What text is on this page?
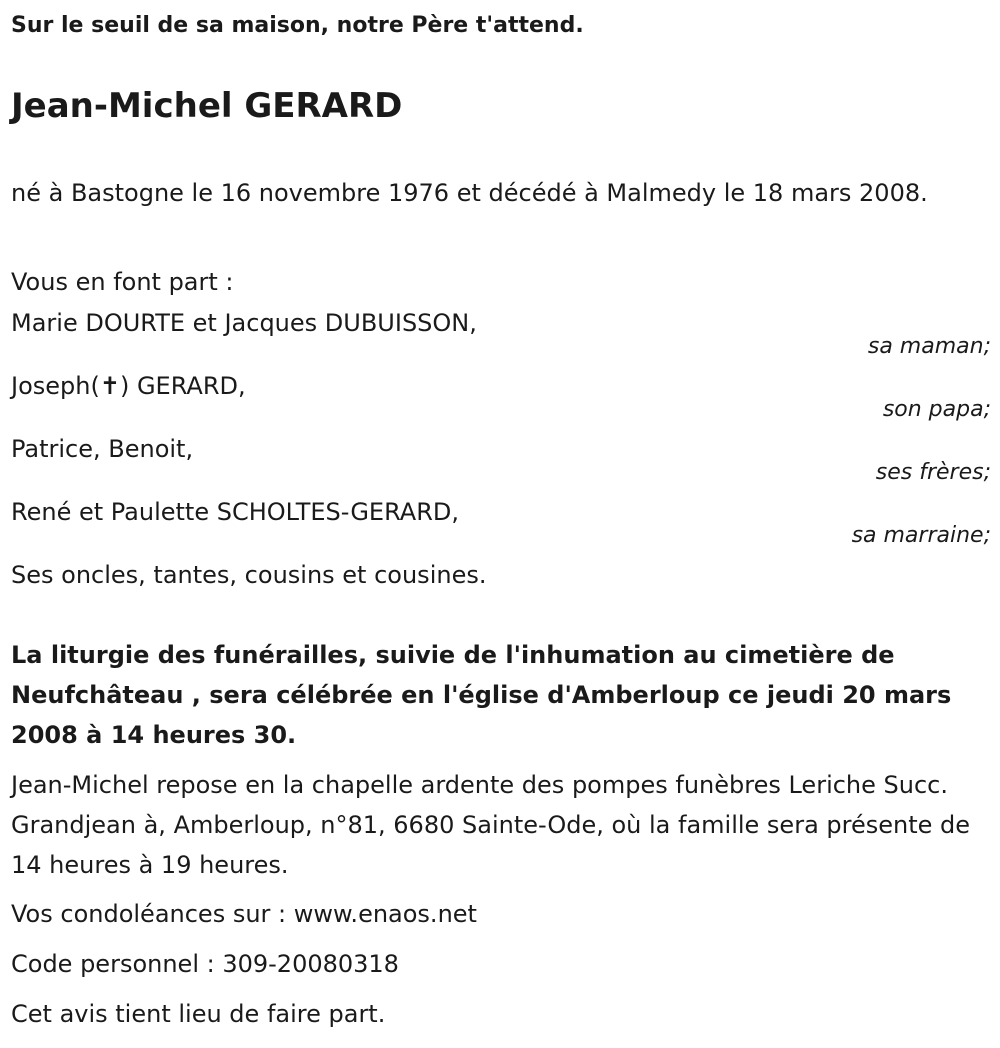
Sur le seuil de sa maison, notre Père t'attend.
Jean-Michel GERARD
né à Bastogne le 16 novembre 1976 et décédé à Malmedy le 18 mars 2008.
Vous en font part :
Marie DOURTE et Jacques DUBUISSON,
sa maman;
Joseph(✝) GERARD,
son papa;
Patrice, Benoit,
ses frères;
René et Paulette SCHOLTES-GERARD,
sa marraine;
Ses oncles, tantes, cousins et cousines.
La liturgie des funérailles, suivie de l'inhumation au cimetière de Neufchâteau , sera célébrée en l'église d'Amberloup ce jeudi 20 mars 2008 à 14 heures 30.
Jean-Michel repose en la chapelle ardente des pompes funèbres Leriche Succ. Grandjean à, Amberloup, n°81, 6680 Sainte-Ode, où la famille sera présente de 14 heures à 19 heures.
Vos condoléances sur : www.enaos.net
Code personnel : 309-20080318
Cet avis tient lieu de faire part.
